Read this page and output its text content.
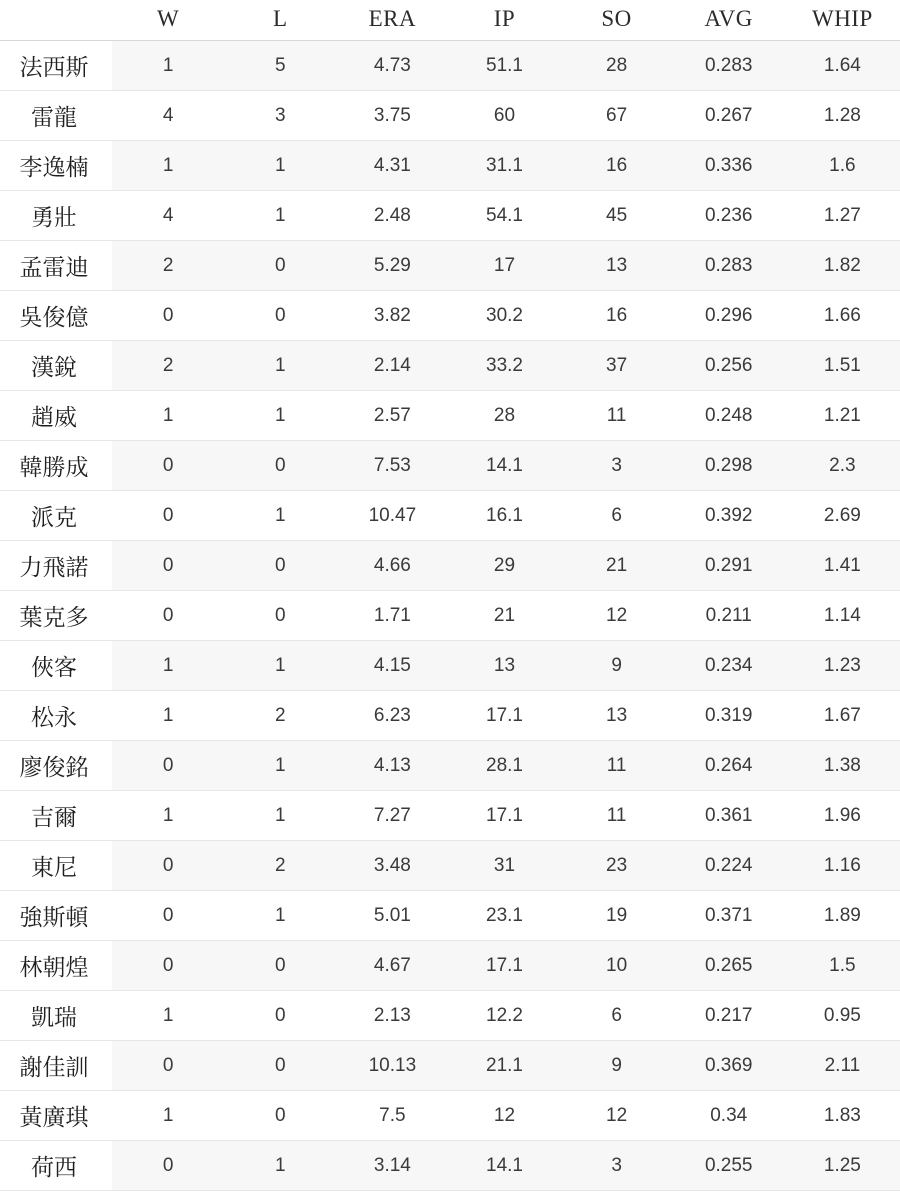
	W	L	ERA	IP	SO	AVG	WHIP
法西斯	1	5	4.73	51.1	28	0.283	1.64
雷龍	4	3	3.75	60	67	0.267	1.28
李逸楠	1	1	4.31	31.1	16	0.336	1.6
勇壯	4	1	2.48	54.1	45	0.236	1.27
孟雷迪	2	0	5.29	17	13	0.283	1.82
吳俊億	0	0	3.82	30.2	16	0.296	1.66
漢銳	2	1	2.14	33.2	37	0.256	1.51
趙威	1	1	2.57	28	11	0.248	1.21
韓勝成	0	0	7.53	14.1	3	0.298	2.3
派克	0	1	10.47	16.1	6	0.392	2.69
力飛諾	0	0	4.66	29	21	0.291	1.41
葉克多	0	0	1.71	21	12	0.211	1.14
俠客	1	1	4.15	13	9	0.234	1.23
松永	1	2	6.23	17.1	13	0.319	1.67
廖俊銘	0	1	4.13	28.1	11	0.264	1.38
吉爾	1	1	7.27	17.1	11	0.361	1.96
東尼	0	2	3.48	31	23	0.224	1.16
強斯頓	0	1	5.01	23.1	19	0.371	1.89
林朝煌	0	0	4.67	17.1	10	0.265	1.5
凱瑞	1	0	2.13	12.2	6	0.217	0.95
謝佳訓	0	0	10.13	21.1	9	0.369	2.11
黃廣琪	1	0	7.5	12	12	0.34	1.83
荷西	0	1	3.14	14.1	3	0.255	1.25
